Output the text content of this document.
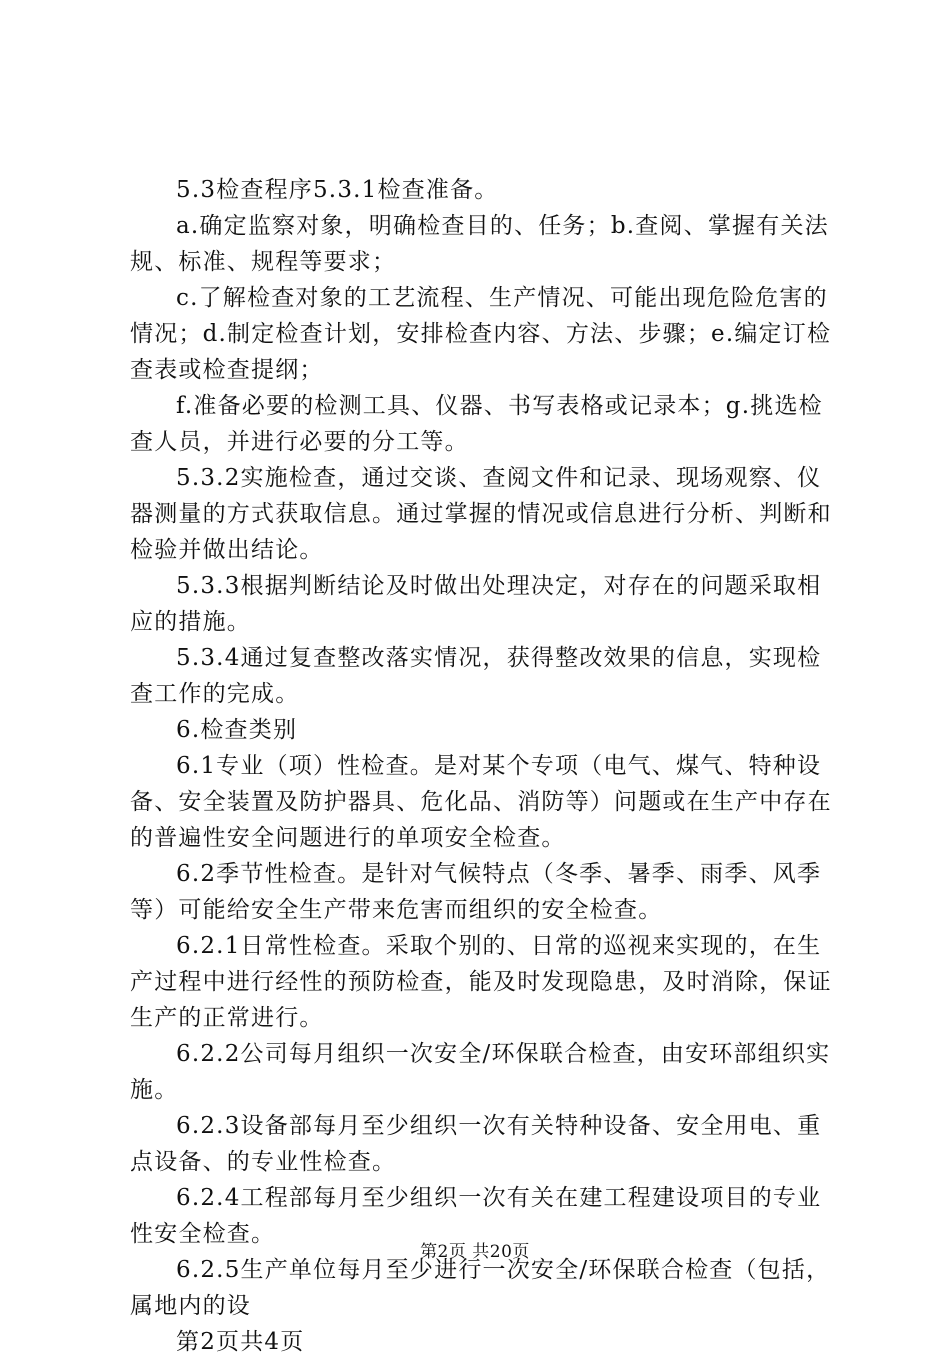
5.3检查程序5.3.1检查准备。

a.确定监察对象，明确检查目的、任务；b.查阅、掌握有关法规、标准、规程等要求；

c.了解检查对象的工艺流程、生产情况、可能出现危险危害的情况；d.制定检查计划，安排检查内容、方法、步骤；e.编定订检查表或检查提纲；

f.准备必要的检测工具、仪器、书写表格或记录本；g.挑选检查人员，并进行必要的分工等。

5.3.2实施检查，通过交谈、查阅文件和记录、现场观察、仪器测量的方式获取信息。通过掌握的情况或信息进行分析、判断和检验并做出结论。

5.3.3根据判断结论及时做出处理决定，对存在的问题采取相应的措施。

5.3.4通过复查整改落实情况，获得整改效果的信息，实现检查工作的完成。

6.检查类别

6.1专业（项）性检查。是对某个专项（电气、煤气、特种设备、安全装置及防护器具、危化品、消防等）问题或在生产中存在的普遍性安全问题进行的单项安全检查。

6.2季节性检查。是针对气候特点（冬季、暑季、雨季、风季等）可能给安全生产带来危害而组织的安全检查。

6.2.1日常性检查。采取个别的、日常的巡视来实现的，在生产过程中进行经性的预防检查，能及时发现隐患，及时消除，保证生产的正常进行。

6.2.2公司每月组织一次安全/环保联合检查，由安环部组织实施。

6.2.3设备部每月至少组织一次有关特种设备、安全用电、重点设备、的专业性检查。

6.2.4工程部每月至少组织一次有关在建工程建设项目的专业性安全检查。

6.2.5生产单位每月至少进行一次安全/环保联合检查（包括，属地内的设

第2页共4页

第2页 共20页
